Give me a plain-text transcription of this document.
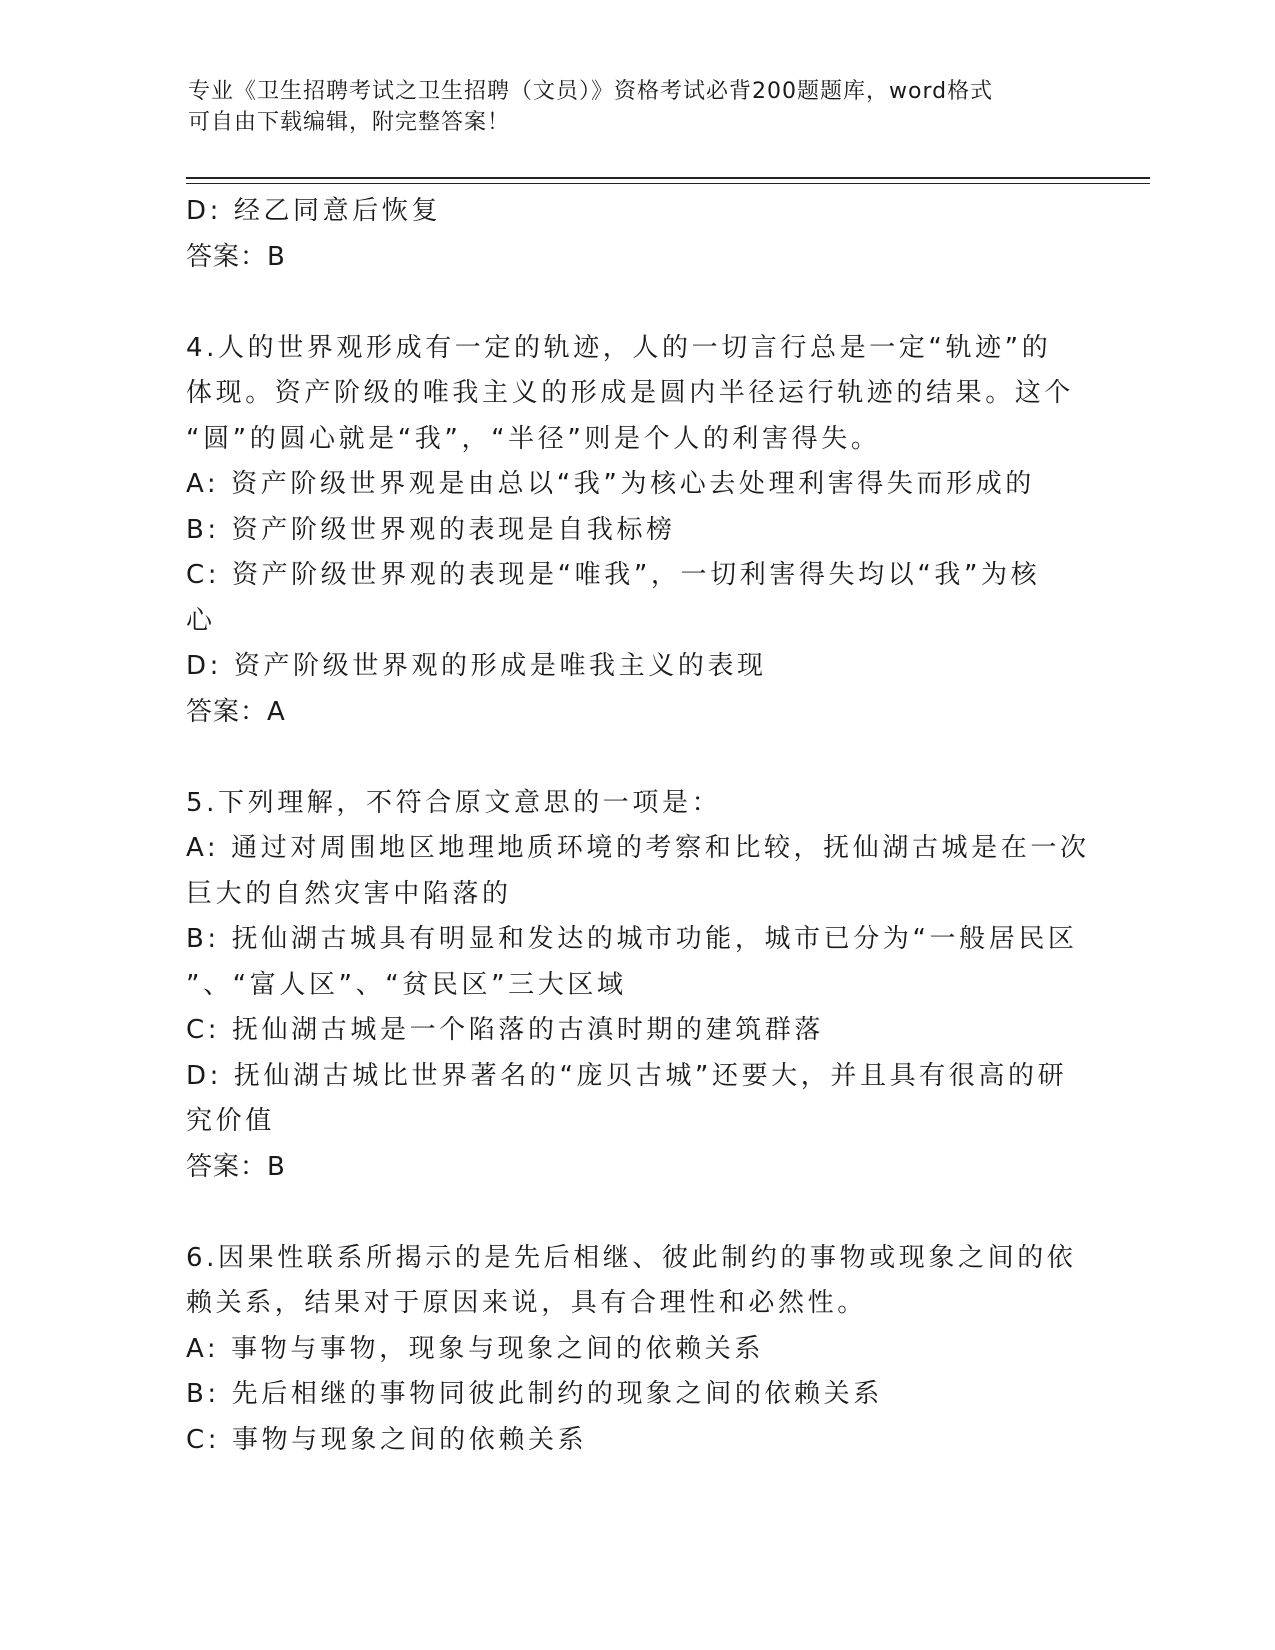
专业《卫生招聘考试之卫生招聘（文员）》资格考试必背200题题库，word格式
可自由下载编辑，附完整答案！
D: 经乙同意后恢复
答案：B
4.人的世界观形成有一定的轨迹，人的一切言行总是一定“轨迹”的
体现。资产阶级的唯我主义的形成是圆内半径运行轨迹的结果。这个
“圆”的圆心就是“我”，“半径”则是个人的利害得失。
A: 资产阶级世界观是由总以“我”为核心去处理利害得失而形成的
B: 资产阶级世界观的表现是自我标榜
C: 资产阶级世界观的表现是“唯我”，一切利害得失均以“我”为核
心
D: 资产阶级世界观的形成是唯我主义的表现
答案：A
5.下列理解，不符合原文意思的一项是：
A: 通过对周围地区地理地质环境的考察和比较，抚仙湖古城是在一次
巨大的自然灾害中陷落的
B: 抚仙湖古城具有明显和发达的城市功能，城市已分为“一般居民区
”、“富人区”、“贫民区”三大区域
C: 抚仙湖古城是一个陷落的古滇时期的建筑群落
D: 抚仙湖古城比世界著名的“庞贝古城”还要大，并且具有很高的研
究价值
答案：B
6.因果性联系所揭示的是先后相继、彼此制约的事物或现象之间的依
赖关系，结果对于原因来说，具有合理性和必然性。
A: 事物与事物，现象与现象之间的依赖关系
B: 先后相继的事物同彼此制约的现象之间的依赖关系
C: 事物与现象之间的依赖关系
